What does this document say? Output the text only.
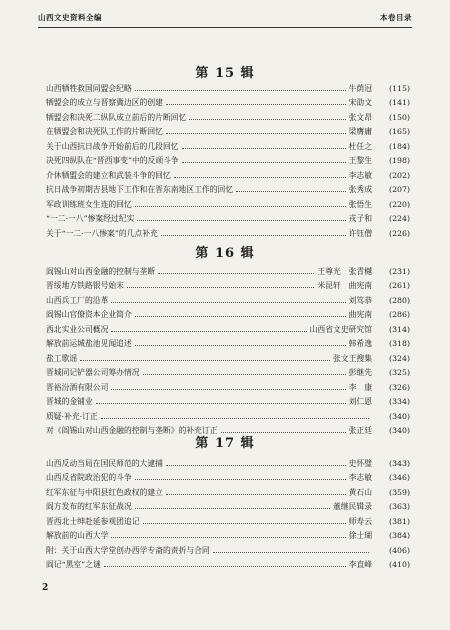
山西文史资料全编	本卷目录
第 15 辑
山西牺牲救国同盟会纪略	牛荫冠	(115)
牺盟会的成立与晋察冀边区的创建	宋劭文	(141)
牺盟会和决死二纵队成立前后的片断回忆	张文昂	(150)
在牺盟会和决死队工作的片断回忆	梁膺庸	(165)
关于山西抗日战争开始前后的几段回忆	杜任之	(184)
决死四纵队在“晋西事变”中的反顽斗争	王黎生	(198)
介休牺盟会的建立和武装斗争的回忆	李志敏	(202)
抗日战争初期吉县地下工作和在晋东南地区工作的回忆	张秀成	(207)
军政训练班女生连的回忆	张悟生	(220)
“一二·一八”惨案经过纪实	戎子和	(224)
关于“一二·一八惨案”的几点补充	许钰僧	(226)
第 16 辑
阎锡山对山西金融的控制与垄断	王尊光　张青樾	(231)
晋绥地方铁路银号始末	米昆轩　曲宪南	(261)
山西兵工厂的沿革	刘笃恭	(280)
阎锡山官僚资本企业简介	曲宪南	(286)
西北实业公司概况	山西省文史研究馆	(314)
解放前运城盐池见闻追述	韩希逸	(318)
盐工歌谣	张文王搜集	(324)
晋城同记铲器公司筹办情况	彭继先	(325)
晋裕汾酒有限公司	李　康	(326)
晋城的金铺业	刘仁恩	(334)
质疑·补充·订正	(340)
对《阎锡山对山西金融的控制与垄断》的补充订正	张正廷	(340)
第 17 辑
山西反动当局在国民师范的大逮捕	史怀璧	(343)
山西反省院政治犯的斗争	李志敏	(346)
红军东征与中阳县红色政权的建立	黄石山	(359)
阎方发布的红军东征战况	董继民辑录	(363)
晋西北士绅赴延参观团追记	师寿云	(381)
解放前的山西大学	徐士瑚	(384)
附：关于山西大学堂创办西学专斋的责折与合同	(406)
阎记“黑室”之谜	李直峰	(410)
2
